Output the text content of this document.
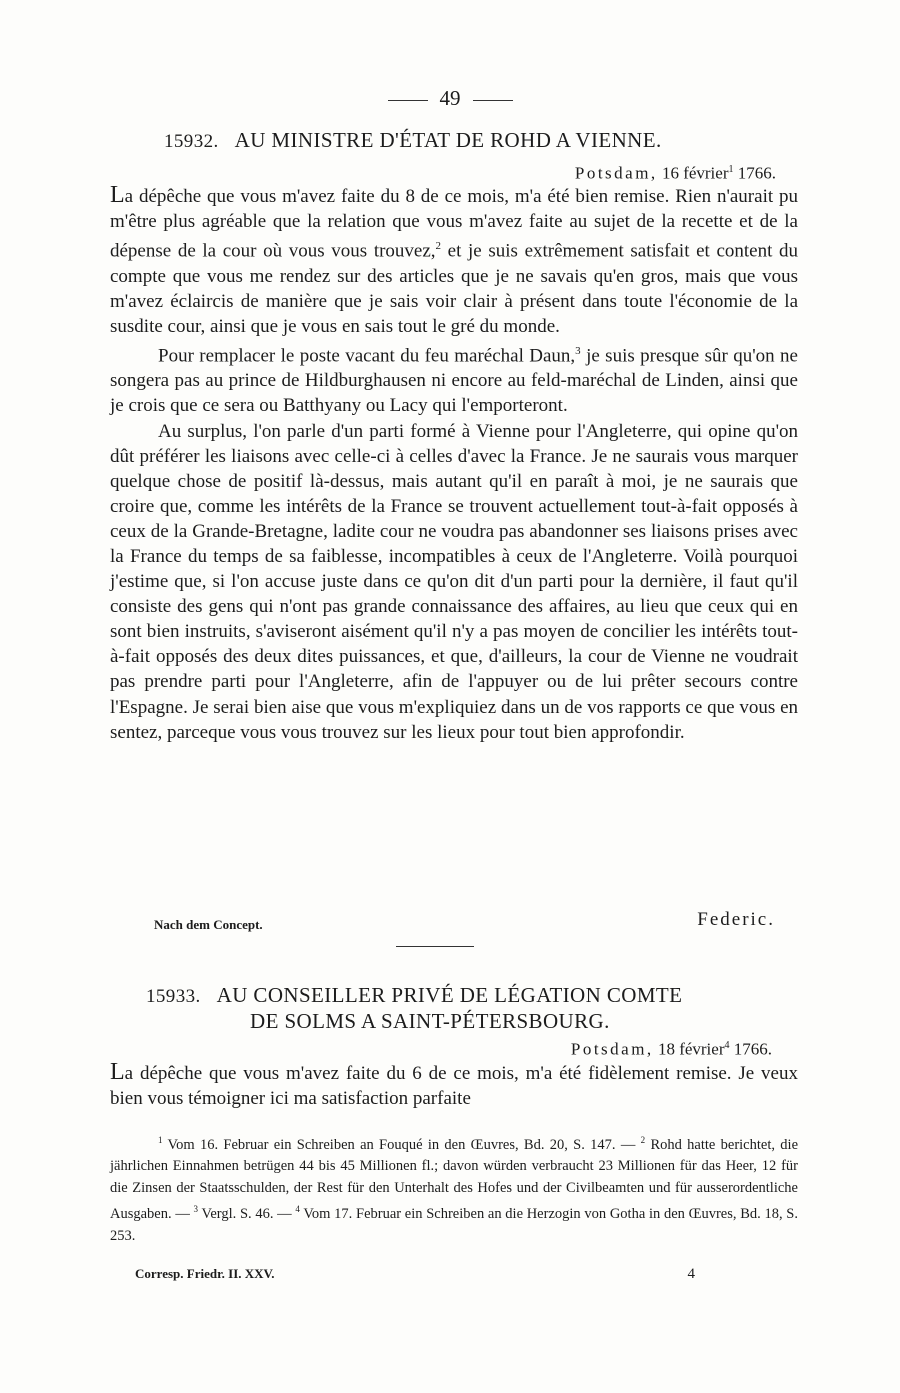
49
15932. AU MINISTRE D'ÉTAT DE ROHD A VIENNE.
Potsdam, 16 février$^1$ 1766.

La dépêche que vous m'avez faite du 8 de ce mois, m'a été bien remise. Rien n'aurait pu m'être plus agréable que la relation que vous m'avez faite au sujet de la recette et de la dépense de la cour où vous vous trouvez,$^2$ et je suis extrêmement satisfait et content du compte que vous me rendez sur des articles que je ne savais qu'en gros, mais que vous m'avez éclaircis de manière que je sais voir clair à présent dans toute l'économie de la susdite cour, ainsi que je vous en sais tout le gré du monde.

Pour remplacer le poste vacant du feu maréchal Daun,$^3$ je suis presque sûr qu'on ne songera pas au prince de Hildburghausen ni encore au feld-maréchal de Linden, ainsi que je crois que ce sera ou Batthyany ou Lacy qui l'emporteront.

Au surplus, l'on parle d'un parti formé à Vienne pour l'Angleterre, qui opine qu'on dût préférer les liaisons avec celle-ci à celles d'avec la France. Je ne saurais vous marquer quelque chose de positif là-dessus, mais autant qu'il en paraît à moi, je ne saurais que croire que, comme les intérêts de la France se trouvent actuellement tout-à-fait opposés à ceux de la Grande-Bretagne, ladite cour ne voudra pas abandonner ses liaisons prises avec la France du temps de sa faiblesse, incompatibles à ceux de l'Angleterre. Voilà pourquoi j'estime que, si l'on accuse juste dans ce qu'on dit d'un parti pour la dernière, il faut qu'il consiste des gens qui n'ont pas grande connaissance des affaires, au lieu que ceux qui en sont bien instruits, s'aviseront aisément qu'il n'y a pas moyen de concilier les intérêts tout-à-fait opposés des deux dites puissances, et que, d'ailleurs, la cour de Vienne ne voudrait pas prendre parti pour l'Angleterre, afin de l'appuyer ou de lui prêter secours contre l'Espagne. Je serai bien aise que vous m'expliquiez dans un de vos rapports ce que vous en sentez, parceque vous vous trouvez sur les lieux pour tout bien approfondir.

Nach dem Concept.	Federic.
15933. AU CONSEILLER PRIVÉ DE LÉGATION COMTE
DE SOLMS A SAINT-PÉTERSBOURG.
Potsdam, 18 février$^4$ 1766.

La dépêche que vous m'avez faite du 6 de ce mois, m'a été fidèlement remise. Je veux bien vous témoigner ici ma satisfaction parfaite

$^1$ Vom 16. Februar ein Schreiben an Fouqué in den Œuvres, Bd. 20, S. 147. — $^2$ Rohd hatte berichtet, die jährlichen Einnahmen betrügen 44 bis 45 Millionen fl.; davon würden verbraucht 23 Millionen für das Heer, 12 für die Zinsen der Staatsschulden, der Rest für den Unterhalt des Hofes und der Civilbeamten und für ausserordentliche Ausgaben. — $^3$ Vergl. S. 46. — $^4$ Vom 17. Februar ein Schreiben an die Herzogin von Gotha in den Œuvres, Bd. 18, S. 253.

Corresp. Friedr. II. XXV.	4
